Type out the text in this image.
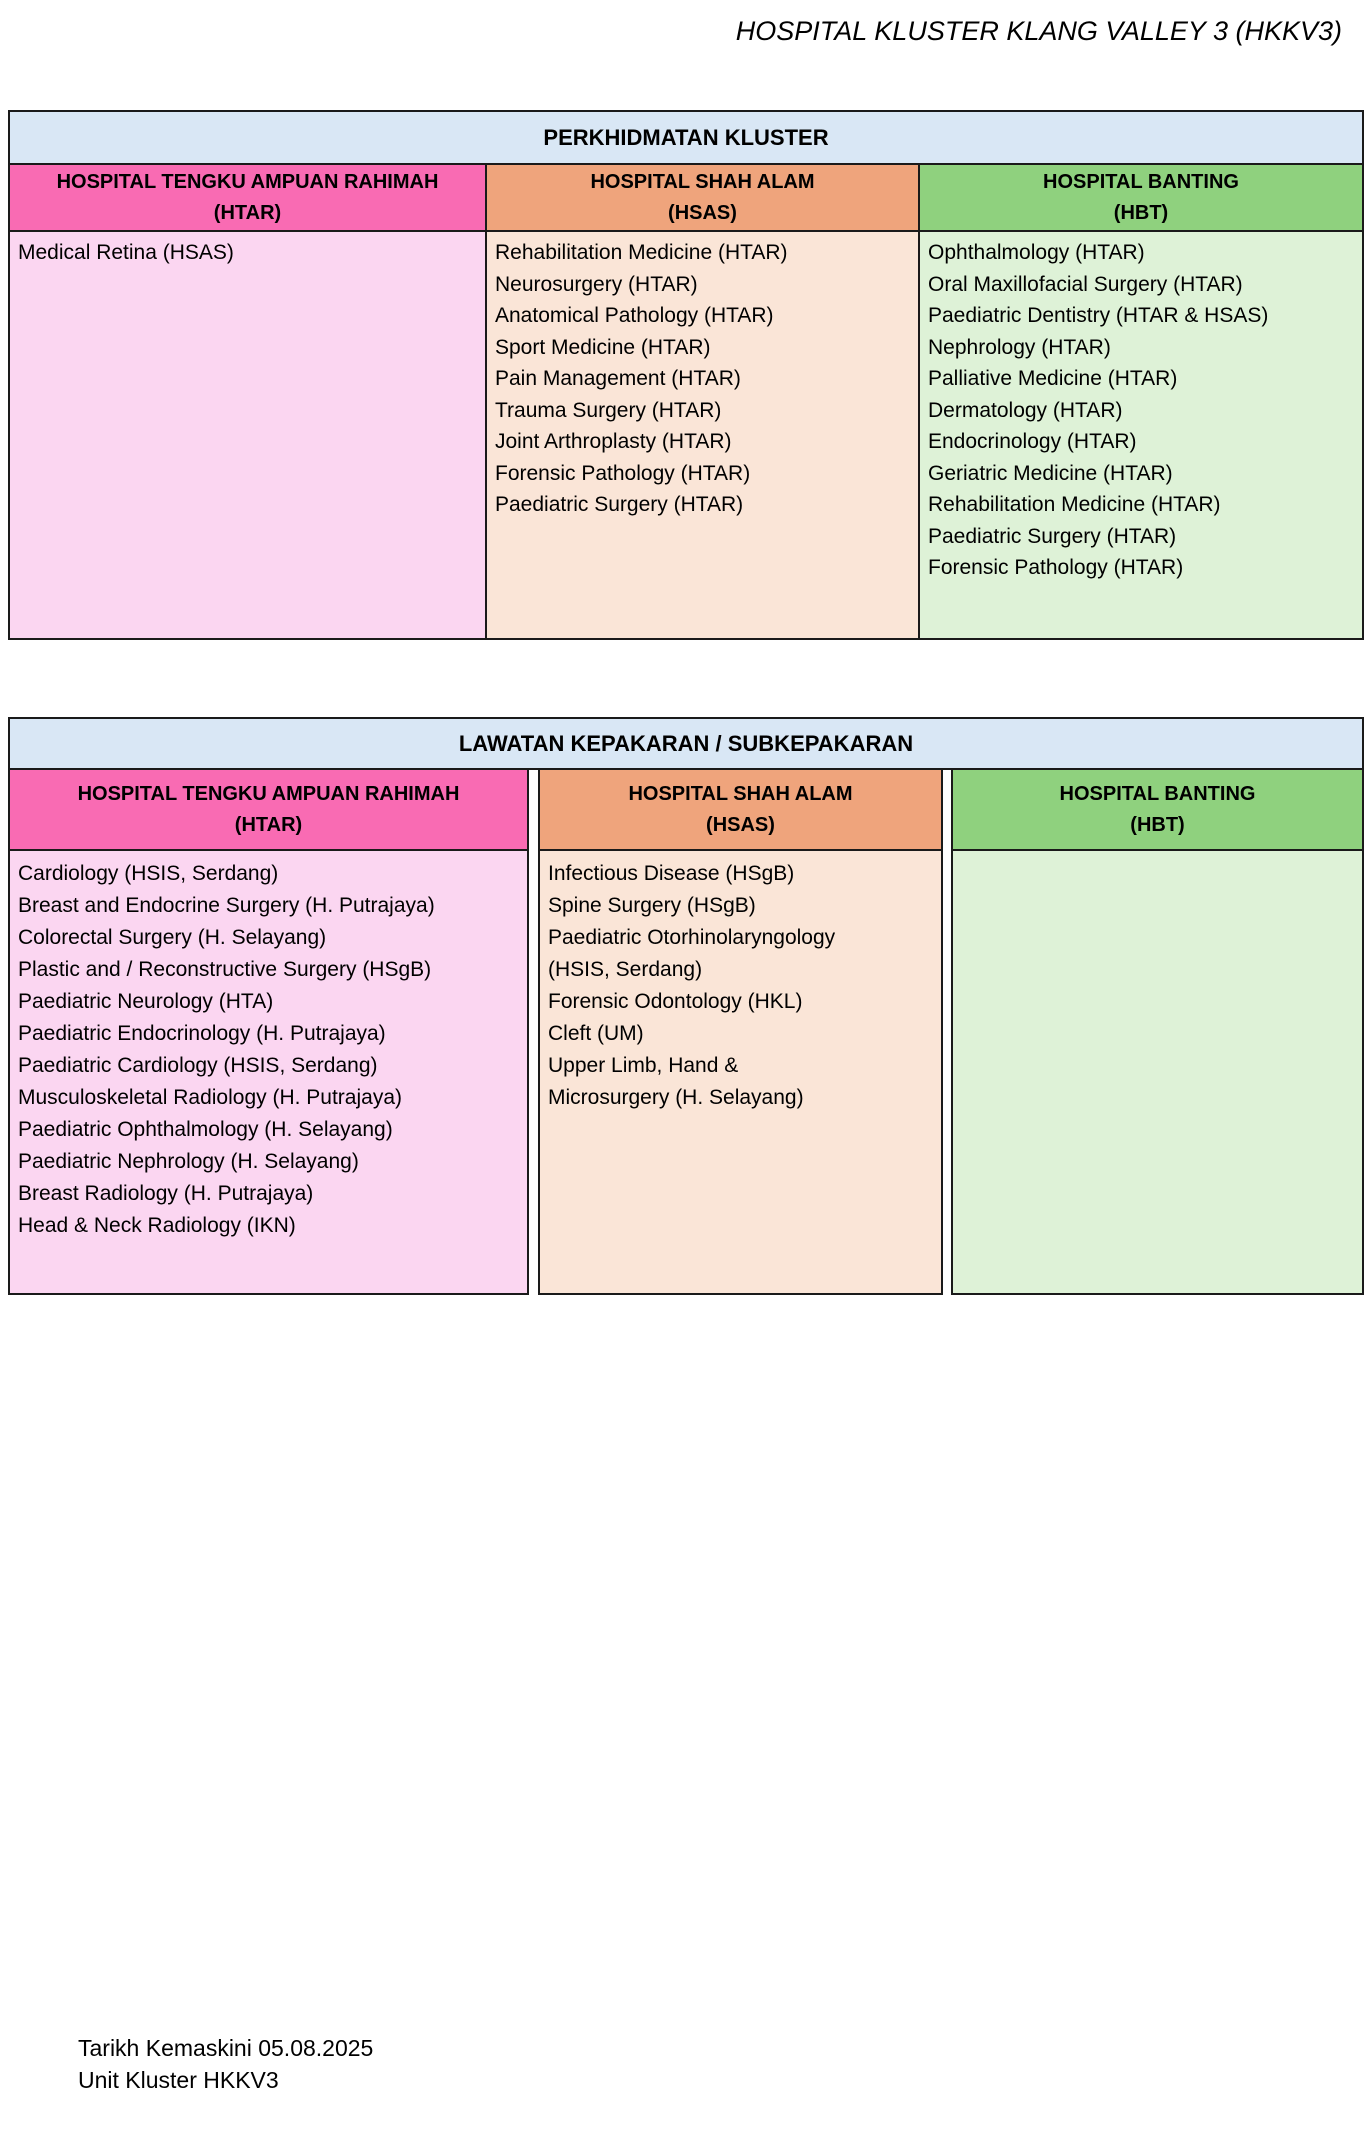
HOSPITAL KLUSTER KLANG VALLEY 3 (HKKV3)
PERKHIDMATAN KLUSTER
HOSPITAL TENGKU AMPUAN RAHIMAH
(HTAR)
Medical Retina (HSAS)
HOSPITAL SHAH ALAM
(HSAS)
Rehabilitation Medicine (HTAR)
Neurosurgery (HTAR)
Anatomical Pathology (HTAR)
Sport Medicine (HTAR)
Pain Management (HTAR)
Trauma Surgery (HTAR)
Joint Arthroplasty (HTAR)
Forensic Pathology (HTAR)
Paediatric Surgery (HTAR)
HOSPITAL BANTING
(HBT)
Ophthalmology (HTAR)
Oral Maxillofacial Surgery (HTAR)
Paediatric Dentistry (HTAR & HSAS)
Nephrology (HTAR)
Palliative Medicine (HTAR)
Dermatology (HTAR)
Endocrinology (HTAR)
Geriatric Medicine (HTAR)
Rehabilitation Medicine (HTAR)
Paediatric Surgery (HTAR)
Forensic Pathology (HTAR)
LAWATAN KEPAKARAN / SUBKEPAKARAN
HOSPITAL TENGKU AMPUAN RAHIMAH
(HTAR)
Cardiology (HSIS, Serdang)
Breast and Endocrine Surgery (H. Putrajaya)
Colorectal Surgery (H. Selayang)
Plastic and / Reconstructive Surgery (HSgB)
Paediatric Neurology (HTA)
Paediatric Endocrinology (H. Putrajaya)
Paediatric Cardiology (HSIS, Serdang)
Musculoskeletal Radiology (H. Putrajaya)
Paediatric Ophthalmology (H. Selayang)
Paediatric Nephrology (H. Selayang)
Breast Radiology (H. Putrajaya)
Head & Neck Radiology (IKN)
HOSPITAL SHAH ALAM
(HSAS)
Infectious Disease (HSgB)
Spine Surgery (HSgB)
Paediatric Otorhinolaryngology
(HSIS, Serdang)
Forensic Odontology (HKL)
Cleft (UM)
Upper Limb, Hand &
Microsurgery (H. Selayang)
HOSPITAL BANTING
(HBT)
Tarikh Kemaskini 05.08.2025
Unit Kluster HKKV3
